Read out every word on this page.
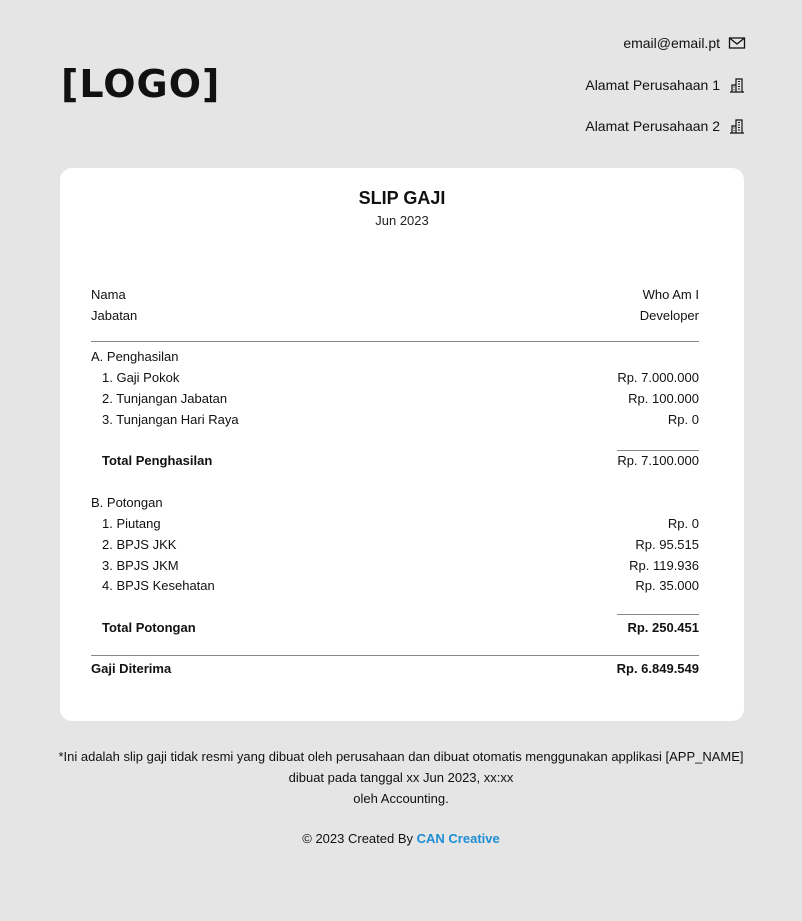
[LOGO]
email@email.pt
Alamat Perusahaan 1
Alamat Perusahaan 2
SLIP GAJI
Jun 2023
Nama	Who Am I
Jabatan	Developer
A. Penghasilan
1. Gaji Pokok	Rp. 7.000.000
2. Tunjangan Jabatan	Rp. 100.000
3. Tunjangan Hari Raya	Rp. 0
Total Penghasilan	Rp. 7.100.000
B. Potongan
1. Piutang	Rp. 0
2. BPJS JKK	Rp. 95.515
3. BPJS JKM	Rp. 119.936
4. BPJS Kesehatan	Rp. 35.000
Total Potongan	Rp. 250.451
Gaji Diterima	Rp. 6.849.549
*Ini adalah slip gaji tidak resmi yang dibuat oleh perusahaan dan dibuat otomatis menggunakan applikasi [APP_NAME]
dibuat pada tanggal xx Jun 2023, xx:xx
oleh Accounting.
© 2023 Created By CAN Creative
